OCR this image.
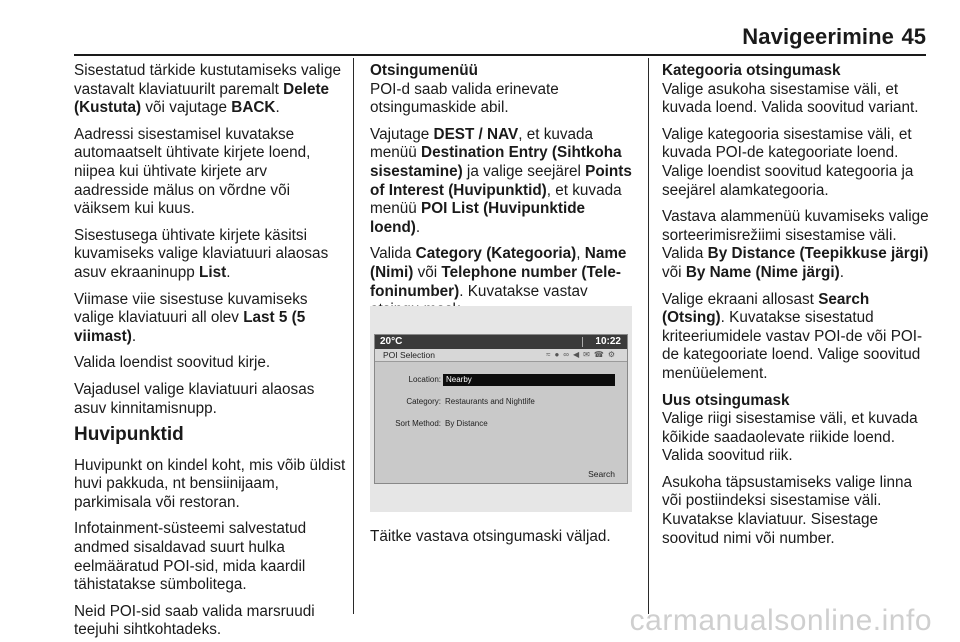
Navigeerimine 45

Sisestatud tärkide kustutamiseks valige vastavalt klaviatuurilt paremalt Delete (Kustuta) või vajutage BACK.

Aadressi sisestamisel kuvatakse automaatselt ühtivate kirjete loend, niipea kui ühtivate kirjete arv aadresside mälus on võrdne või väiksem kui kuus.

Sisestusega ühtivate kirjete käsitsi kuvamiseks valige klaviatuuri alaosas asuv ekraaninupp List.

Viimase viie sisestuse kuvamiseks valige klaviatuuri all olev Last 5 (5 viimast).

Valida loendist soovitud kirje.

Vajadusel valige klaviatuuri alaosas asuv kinnitamisnupp.

Huvipunktid

Huvipunkt on kindel koht, mis võib üldist huvi pakkuda, nt bensiinijaam, parkimisala või restoran.

Infotainment-süsteemi salvestatud andmed sisaldavad suurt hulka eelmääratud POI-sid, mida kaardil tähistatakse sümbolitega.

Neid POI-sid saab valida marsruudi teejuhi sihtkohtadeks.

Otsingumenüü
POI-d saab valida erinevate otsingumaskide abil.

Vajutage DEST / NAV, et kuvada menüü Destination Entry (Sihtkoha sisestamine) ja valige seejärel Points of Interest (Huvipunktid), et kuvada menüü POI List (Huvipunktide loend).

Valida Category (Kategooria), Name (Nimi) või Telephone number (Tele-foninumber). Kuvatakse vastav

20°C	10:22
POI Selection	≈●∞◀✉☎⚙
Location: Nearby
Category: Restaurants and Nightlife
Sort Method: By Distance
Search
Täitke vastava otsingumaski väljad.

Kategooria otsingumask
Valige asukoha sisestamise väli, et kuvada loend. Valida soovitud variant.

Valige kategooria sisestamise väli, et kuvada POI-de kategooriate loend. Valige loendist soovitud kategooria ja seejärel alamkategooria.

Vastava alammenüü kuvamiseks valige sorteerimisrežiimi sisestamise väli. Valida By Distance (Teepikkuse järgi) või By Name (Nime järgi).

Valige ekraani allosast Search (Otsing). Kuvatakse sisestatud kriteeriumidele vastav POI-de või POI-de kategooriate loend. Valige soovitud menüüelement.

Uus otsingumask
Valige riigi sisestamise väli, et kuvada kõikide saadaolevate riikide loend. Valida soovitud riik.

Asukoha täpsustamiseks valige linna või postiindeksi sisestamise väli. Kuvatakse klaviatuur. Sisestage soovitud nimi või number.

carmanualsonline.info
